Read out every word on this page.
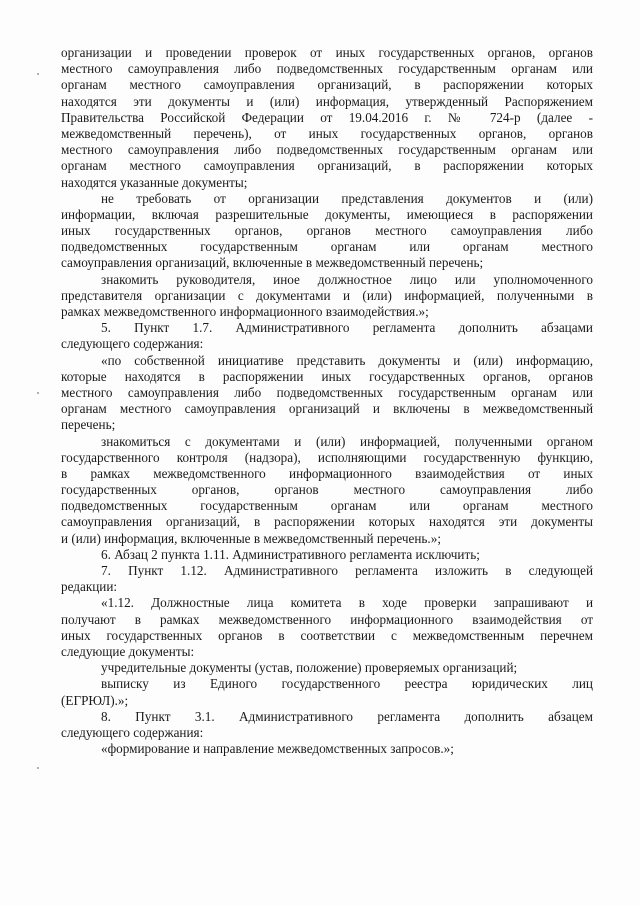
организации и проведении проверок от иных государственных органов, органов
местного самоуправления либо подведомственных государственным органам или
органам местного самоуправления организаций, в распоряжении которых
находятся эти документы и (или) информация, утвержденный Распоряжением
Правительства Российской Федерации от 19.04.2016 г. № 724-р (далее -
межведомственный перечень), от иных государственных органов, органов
местного самоуправления либо подведомственных государственным органам или
органам местного самоуправления организаций, в распоряжении которых
находятся указанные документы;
не требовать от организации представления документов и (или)
информации, включая разрешительные документы, имеющиеся в распоряжении
иных государственных органов, органов местного самоуправления либо
подведомственных государственным органам или органам местного
самоуправления организаций, включенные в межведомственный перечень;
знакомить руководителя, иное должностное лицо или уполномоченного
представителя организации с документами и (или) информацией, полученными в
рамках межведомственного информационного взаимодействия.»;
5. Пункт 1.7. Административного регламента дополнить абзацами
следующего содержания:
«по собственной инициативе представить документы и (или) информацию,
которые находятся в распоряжении иных государственных органов, органов
местного самоуправления либо подведомственных государственным органам или
органам местного самоуправления организаций и включены в межведомственный
перечень;
знакомиться с документами и (или) информацией, полученными органом
государственного контроля (надзора), исполняющими государственную функцию,
в рамках межведомственного информационного взаимодействия от иных
государственных органов, органов местного самоуправления либо
подведомственных государственным органам или органам местного
самоуправления организаций, в распоряжении которых находятся эти документы
и (или) информация, включенные в межведомственный перечень.»;
6. Абзац 2 пункта 1.11. Административного регламента исключить;
7. Пункт 1.12. Административного регламента изложить в следующей
редакции:
«1.12. Должностные лица комитета в ходе проверки запрашивают и
получают в рамках межведомственного информационного взаимодействия от
иных государственных органов в соответствии с межведомственным перечнем
следующие документы:
учредительные документы (устав, положение) проверяемых организаций;
выписку из Единого государственного реестра юридических лиц
(ЕГРЮЛ).»;
8. Пункт 3.1. Административного регламента дополнить абзацем
следующего содержания:
«формирование и направление межведомственных запросов.»;
